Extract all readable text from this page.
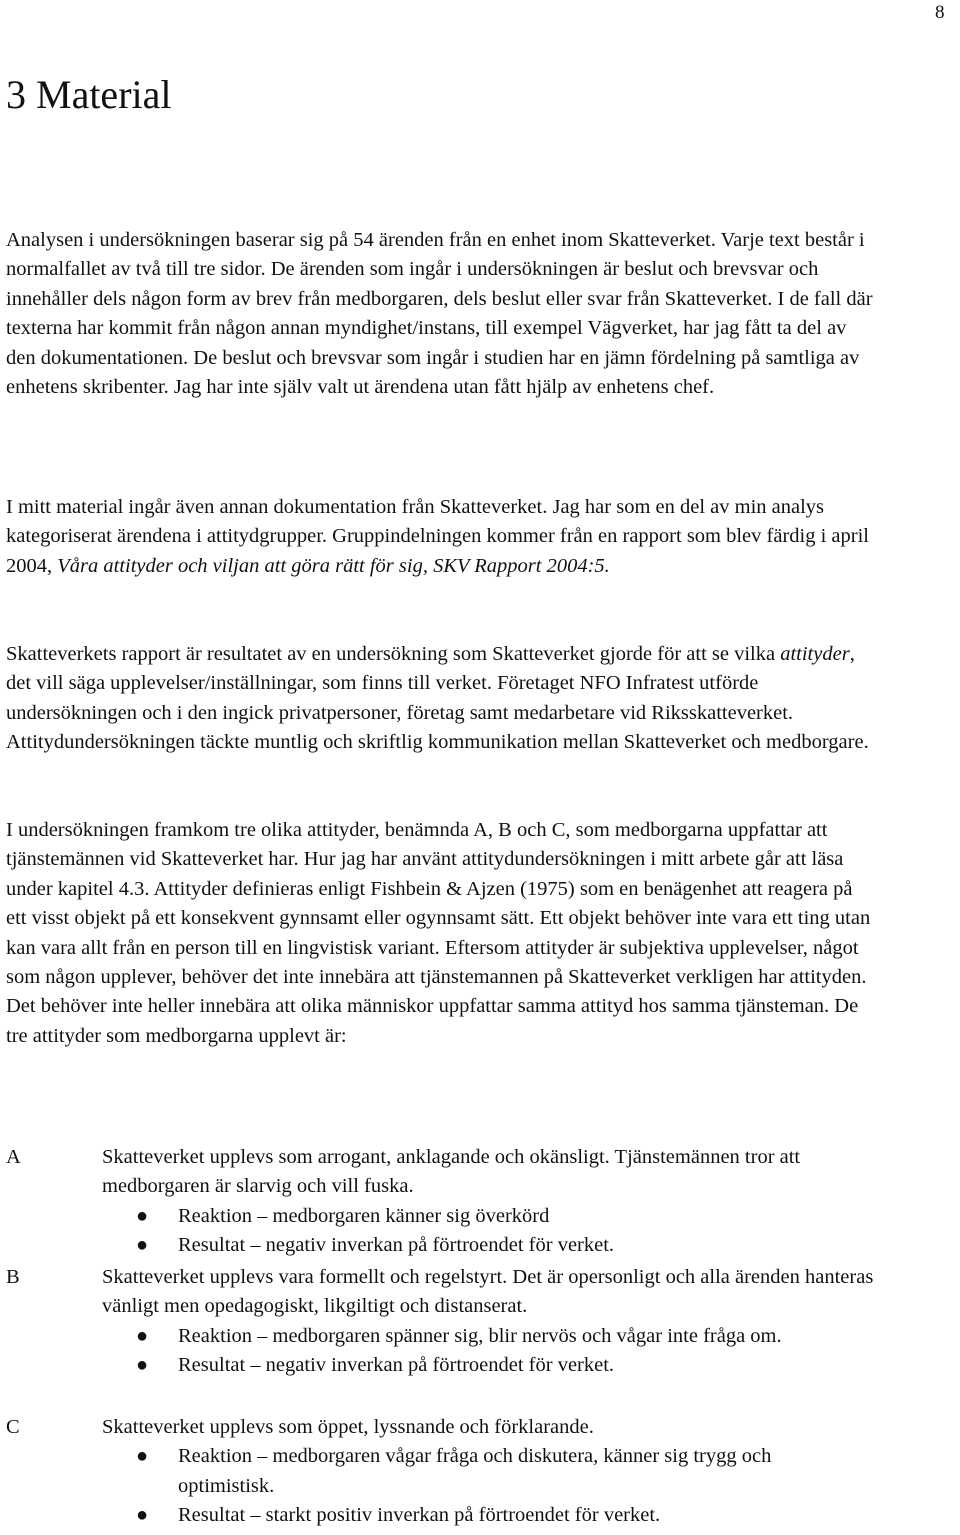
8
3 Material

Analysen i undersökningen baserar sig på 54 ärenden från en enhet inom Skatteverket. Varje text består i normalfallet av två till tre sidor. De ärenden som ingår i undersökningen är beslut och brevsvar och innehåller dels någon form av brev från medborgaren, dels beslut eller svar från Skatteverket. I de fall där texterna har kommit från någon annan myndighet/instans, till exempel Vägverket, har jag fått ta del av den dokumentationen. De beslut och brevsvar som ingår i studien har en jämn fördelning på samtliga av enhetens skribenter. Jag har inte själv valt ut ärendena utan fått hjälp av enhetens chef.

I mitt material ingår även annan dokumentation från Skatteverket. Jag har som en del av min analys kategoriserat ärendena i attitydgrupper. Gruppindelningen kommer från en rapport som blev färdig i april 2004, Våra attityder och viljan att göra rätt för sig, SKV Rapport 2004:5.

Skatteverkets rapport är resultatet av en undersökning som Skatteverket gjorde för att se vilka attityder, det vill säga upplevelser/inställningar, som finns till verket. Företaget NFO Infratest utförde undersökningen och i den ingick privatpersoner, företag samt medarbetare vid Riksskatteverket. Attitydundersökningen täckte muntlig och skriftlig kommunikation mellan Skatteverket och medborgare.

I undersökningen framkom tre olika attityder, benämnda A, B och C, som medborgarna uppfattar att tjänstemännen vid Skatteverket har. Hur jag har använt attitydundersökningen i mitt arbete går att läsa under kapitel 4.3. Attityder definieras enligt Fishbein & Ajzen (1975) som en benägenhet att reagera på ett visst objekt på ett konsekvent gynnsamt eller ogynnsamt sätt. Ett objekt behöver inte vara ett ting utan kan vara allt från en person till en lingvistisk variant. Eftersom attityder är subjektiva upplevelser, något som någon upplever, behöver det inte innebära att tjänstemannen på Skatteverket verkligen har attityden. Det behöver inte heller innebära att olika människor uppfattar samma attityd hos samma tjänsteman. De tre attityder som medborgarna upplevt är:

A	Skatteverket upplevs som arrogant, anklagande och okänsligt. Tjänstemännen tror att medborgaren är slarvig och vill fuska.
● Reaktion – medborgaren känner sig överkörd
● Resultat – negativ inverkan på förtroendet för verket.
B	Skatteverket upplevs vara formellt och regelstyrt. Det är opersonligt och alla ärenden hanteras vänligt men opedagogiskt, likgiltigt och distanserat.
● Reaktion – medborgaren spänner sig, blir nervös och vågar inte fråga om.
● Resultat – negativ inverkan på förtroendet för verket.
C	Skatteverket upplevs som öppet, lyssnande och förklarande.
● Reaktion – medborgaren vågar fråga och diskutera, känner sig trygg och optimistisk.
● Resultat – starkt positiv inverkan på förtroendet för verket.
